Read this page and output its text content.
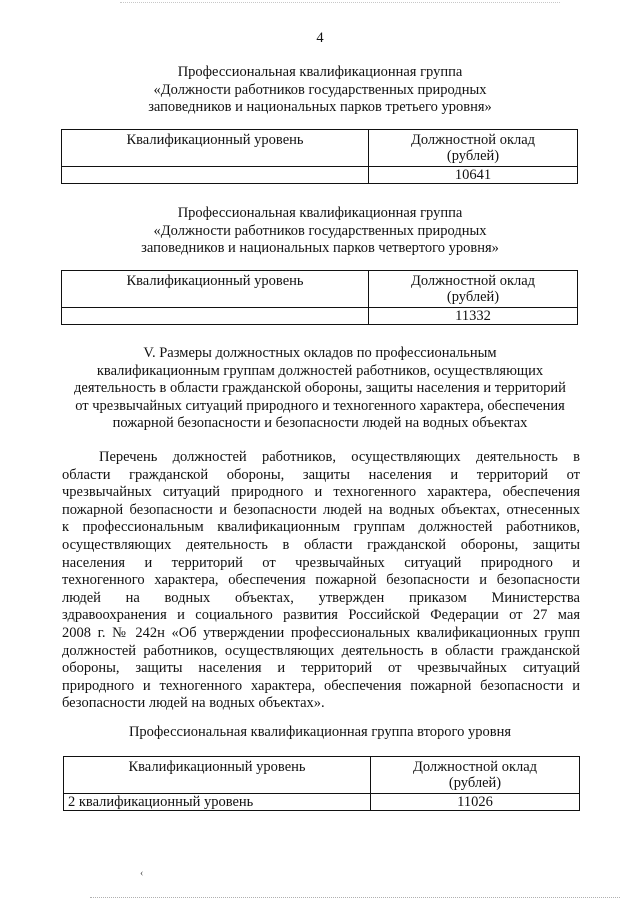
4
Профессиональная квалификационная группа
«Должности работников государственных природных
заповедников и национальных парков третьего уровня»
Квалификационный уровень	Должностной оклад
(рублей)

	10641
Профессиональная квалификационная группа
«Должности работников государственных природных
заповедников и национальных парков четвертого уровня»
Квалификационный уровень	Должностной оклад
(рублей)

	11332
V. Размеры должностных окладов по профессиональным
квалификационным группам должностей работников, осуществляющих
деятельность в области гражданской обороны, защиты населения и территорий
от чрезвычайных ситуаций природного и техногенного характера, обеспечения
пожарной безопасности и безопасности людей на водных объектах
Перечень должностей работников, осуществляющих деятельность в
области гражданской обороны, защиты населения и территорий от
чрезвычайных ситуаций природного и техногенного характера, обеспечения
пожарной безопасности и безопасности людей на водных объектах, отнесенных
к профессиональным квалификационным группам должностей работников,
осуществляющих деятельность в области гражданской обороны, защиты
населения и территорий от чрезвычайных ситуаций природного и
техногенного характера, обеспечения пожарной безопасности и безопасности
людей на водных объектах, утвержден приказом Министерства
здравоохранения и социального развития Российской Федерации от 27 мая
2008 г. № 242н «Об утверждении профессиональных квалификационных групп
должностей работников, осуществляющих деятельность в области гражданской
обороны, защиты населения и территорий от чрезвычайных ситуаций
природного и техногенного характера, обеспечения пожарной безопасности и
безопасности людей на водных объектах».
Профессиональная квалификационная группа второго уровня
Квалификационный уровень	Должностной оклад
(рублей)

2 квалификационный уровень	11026
‹
